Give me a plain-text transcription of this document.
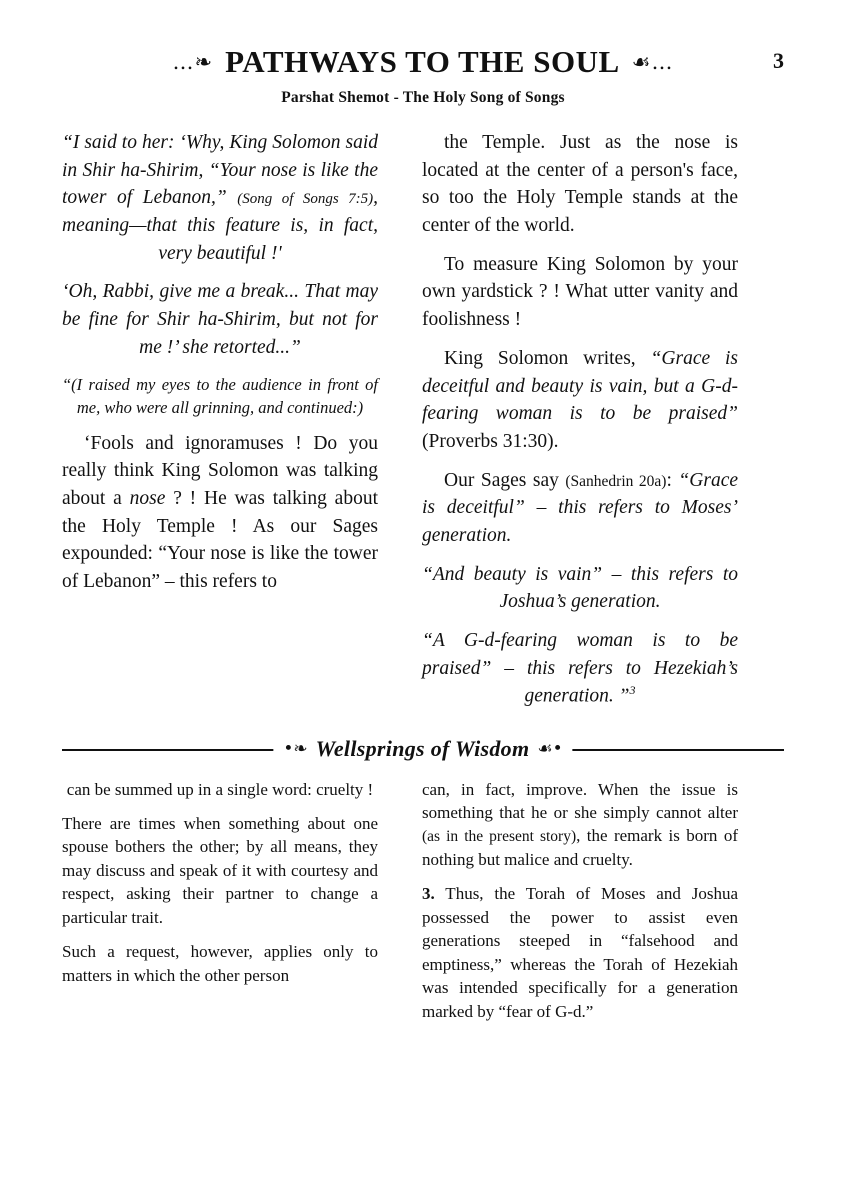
…❧ PATHWAYS TO THE SOUL ☙…	3
Parshat Shemot - The Holy Song of Songs

“I said to her: ‘Why, King Solomon said in Shir ha-Shirim, “Your nose is like the tower of Lebanon,” (Song of Songs 7:5), meaning—that this feature is, in fact, very beautiful !'

‘Oh, Rabbi, give me a break... That may be fine for Shir ha-Shirim, but not for me !’ she retorted...”

“(I raised my eyes to the audience in front of me, who were all grinning, and continued:)

‘Fools and ignoramuses ! Do you really think King Solomon was talking about a nose ? ! He was talking about the Holy Temple ! As our Sages expounded: “Your nose is like the tower of Lebanon” – this refers to

the Temple. Just as the nose is located at the center of a person's face, so too the Holy Temple stands at the center of the world.

To measure King Solomon by your own yardstick ? ! What utter vanity and foolishness !

King Solomon writes, “Grace is deceitful and beauty is vain, but a G-d-fearing woman is to be praised” (Proverbs 31:30).

Our Sages say (Sanhedrin 20a): “Grace is deceitful” – this refers to Moses’ generation.

“And beauty is vain” – this refers to Joshua’s generation.

“A G-d-fearing woman is to be praised” – this refers to Hezekiah’s generation. ”$^3$

•❧ Wellsprings of Wisdom ☙•

can be summed up in a single word: cruelty !

There are times when something about one spouse bothers the other; by all means, they may discuss and speak of it with courtesy and respect, asking their partner to change a particular trait.

Such a request, however, applies only to matters in which the other person

can, in fact, improve. When the issue is something that he or she simply cannot alter (as in the present story), the remark is born of nothing but malice and cruelty.

3. Thus, the Torah of Moses and Joshua possessed the power to assist even generations steeped in “falsehood and emptiness,” whereas the Torah of Hezekiah was intended specifically for a generation marked by “fear of G-d.”
